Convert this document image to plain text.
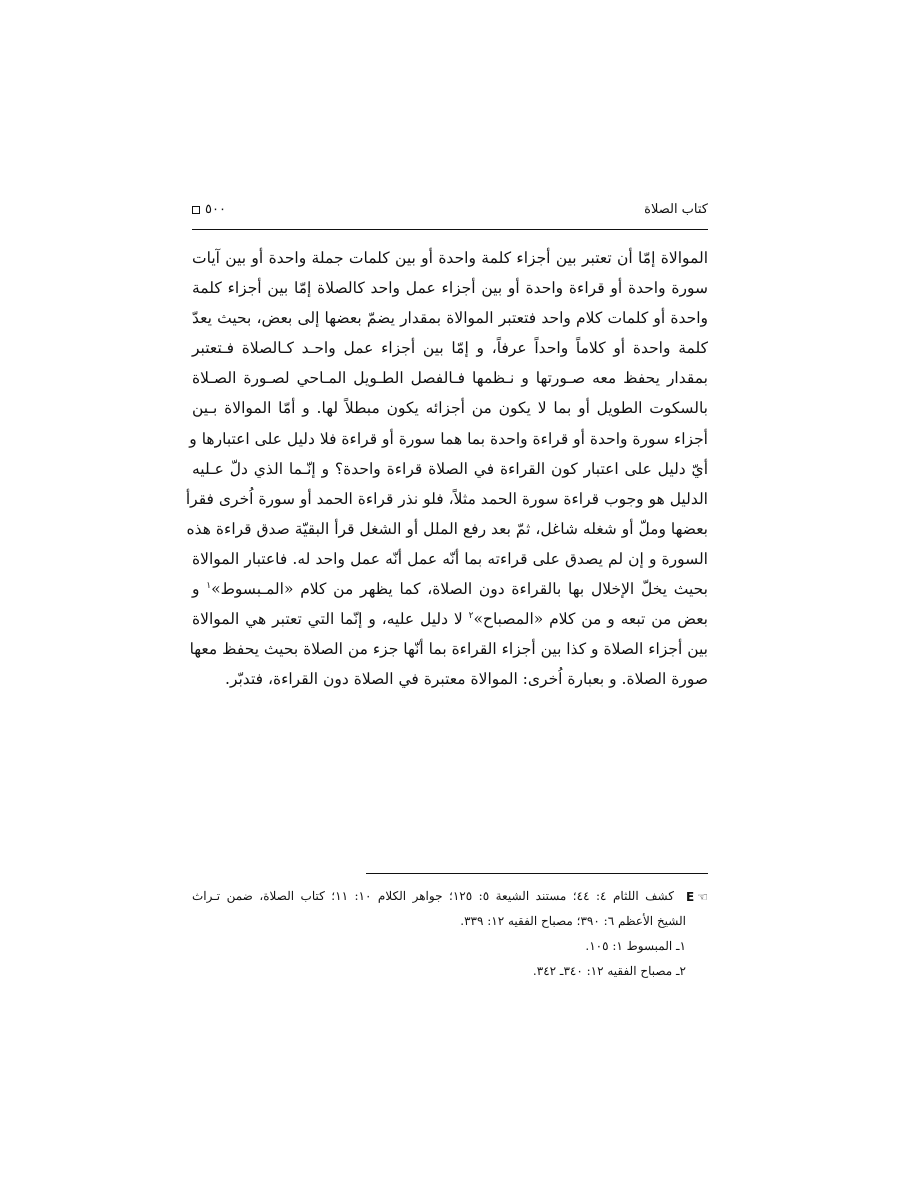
كتاب الصلاة
٥٠٠
الموالاة إمّا أن تعتبر بين أجزاء كلمة واحدة أو بين كلمات جملة واحدة أو بين آيات
سورة واحدة أو قراءة واحدة أو بين أجزاء عمل واحد كالصلاة إمّا بين أجزاء كلمة
واحدة أو كلمات كلام واحد فتعتبر الموالاة بمقدار يضمّ بعضها إلى بعض، بحيث يعدّ
كلمة واحدة أو كلاماً واحداً عرفاً، و إمّا بين أجزاء عمل واحـد كـالصلاة فـتعتبر
بمقدار يحفظ معه صـورتها و نـظمها فـالفصل الطـويل المـاحي لصـورة الصـلاة
بالسكوت الطويل أو بما لا يكون من أجزائه يكون مبطلاً لها. و أمّا الموالاة بـين
أجزاء سورة واحدة أو قراءة واحدة بما هما سورة أو قراءة فلا دليل على اعتبارها و
أيّ دليل على اعتبار كون القراءة في الصلاة قراءة واحدة؟ و إنّـما الذي دلّ عـليه
الدليل هو وجوب قراءة سورة الحمد مثلاً، فلو نذر قراءة الحمد أو سورة اُخرى فقرأ
بعضها وملّ أو شغله شاغل، ثمّ بعد رفع الملل أو الشغل قرأ البقيّة صدق قراءة هذه
السورة و إن لم يصدق على قراءته بما أنّه عمل أنّه عمل واحد له. فاعتبار الموالاة
بحيث يخلّ الإخلال بها بالقراءة دون الصلاة، كما يظهر من كلام «المـبسوط»$^١$ و
بعض من تبعه و من كلام «المصباح»$^٢$ لا دليل عليه، و إنّما التي تعتبر هي الموالاة
بين أجزاء الصلاة و كذا بين أجزاء القراءة بما أنّها جزء من الصلاة بحيث يحفظ معها
صورة الصلاة. و بعبارة اُخرى: الموالاة معتبرة في الصلاة دون القراءة، فتدبّر.
E ☜
كشف اللثام ٤: ٤٤؛ مستند الشيعة ٥: ١٢٥؛ جواهر الكلام ١٠: ١١؛ كتاب الصلاة، ضمن تـراث
الشيخ الأعظم ٦: ٣٩٠؛ مصباح الفقيه ١٢: ٣٣٩.
١ـ المبسوط ١: ١٠٥.
٢ـ مصباح الفقيه ١٢: ٣٤٠ـ ٣٤٢.
